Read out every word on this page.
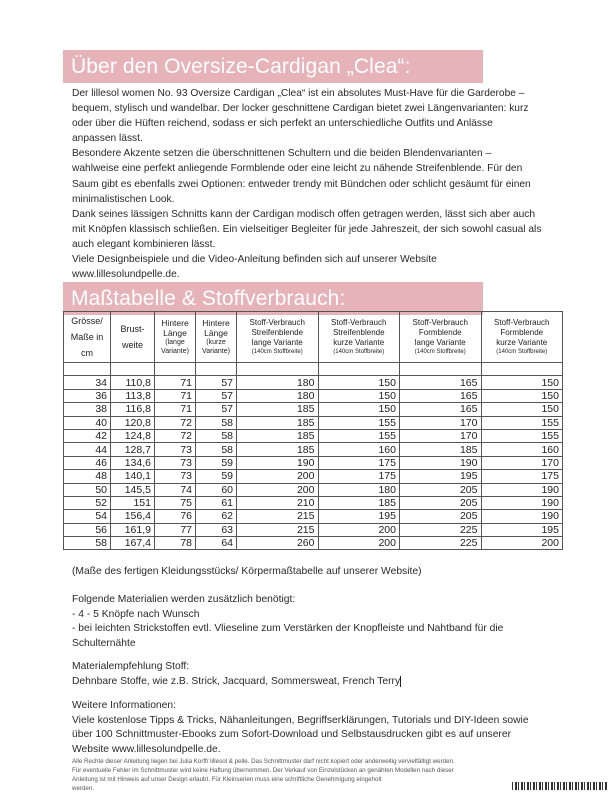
Über den Oversize-Cardigan „Clea“:
Der lillesol women No. 93 Oversize Cardigan „Clea“ ist ein absolutes Must-Have für die Garderobe –
bequem, stylisch und wandelbar. Der locker geschnittene Cardigan bietet zwei Längenvarianten: kurz
oder über die Hüften reichend, sodass er sich perfekt an unterschiedliche Outfits und Anlässe
anpassen lässt.
Besondere Akzente setzen die überschnittenen Schultern und die beiden Blendenvarianten –
wahlweise eine perfekt anliegende Formblende oder eine leicht zu nähende Streifenblende. Für den
Saum gibt es ebenfalls zwei Optionen: entweder trendy mit Bündchen oder schlicht gesäumt für einen
minimalistischen Look.
Dank seines lässigen Schnitts kann der Cardigan modisch offen getragen werden, lässt sich aber auch
mit Knöpfen klassisch schließen. Ein vielseitiger Begleiter für jede Jahreszeit, der sich sowohl casual als
auch elegant kombinieren lässt.
Viele Designbeispiele und die Video-Anleitung befinden sich auf unserer Website
www.lillesolundpelle.de.
Maßtabelle & Stoffverbrauch:
Grösse/
Maße in
cm	Brust-
weite	Hintere
Länge
(lange Variante)	Hintere
Länge
(kurze Variante)	Stoff-Verbrauch
Streifenblende
lange Variante
(140cm Stoffbreite)	Stoff-Verbrauch
Streifenblende
kurze Variante
(140cm Stoffbreite)	Stoff-Verbrauch
Formblende
lange Variante
(140cm Stoffbreite)	Stoff-Verbrauch
Formblende
kurze Variante
(140cm Stoffbreite)

34	110,8	71	57	180	150	165	150
36	113,8	71	57	180	150	165	150
38	116,8	71	57	185	150	165	150
40	120,8	72	58	185	155	170	155
42	124,8	72	58	185	155	170	155
44	128,7	73	58	185	160	185	160
46	134,6	73	59	190	175	190	170
48	140,1	73	59	200	175	195	175
50	145,5	74	60	200	180	205	190
52	151	75	61	210	185	205	190
54	156,4	76	62	215	195	205	190
56	161,9	77	63	215	200	225	195
58	167,4	78	64	260	200	225	200
(Maße des fertigen Kleidungsstücks/ Körpermaßtabelle auf unserer Website)
Folgende Materialien werden zusätzlich benötigt:
- 4 - 5 Knöpfe nach Wunsch
- bei leichten Strickstoffen evtl. Vlieseline zum Verstärken der Knopfleiste und Nahtband für die
Schulternähte
Materialempfehlung Stoff:
Dehnbare Stoffe, wie z.B. Strick, Jacquard, Sommersweat, French Terry
Weitere Informationen:
Viele kostenlose Tipps & Tricks, Nähanleitungen, Begriffserklärungen, Tutorials und DIY-Ideen sowie
über 100 Schnittmuster-Ebooks zum Sofort-Download und Selbstausdrucken gibt es auf unserer
Website www.lillesolundpelle.de.
Alle Rechte dieser Anleitung liegen bei Julia Korff/ lillesol & pelle. Das Schnittmuster darf nicht kopiert oder anderweitig vervielfältigt werden.
Für eventuelle Fehler im Schnittmuster wird keine Haftung übernommen. Der Verkauf von Einzelstücken an genähten Modellen nach dieser
Anleitung ist mit Hinweis auf unser Design erlaubt. Für Kleinserien muss eine schriftliche Genehmigung eingeholt
werden.
